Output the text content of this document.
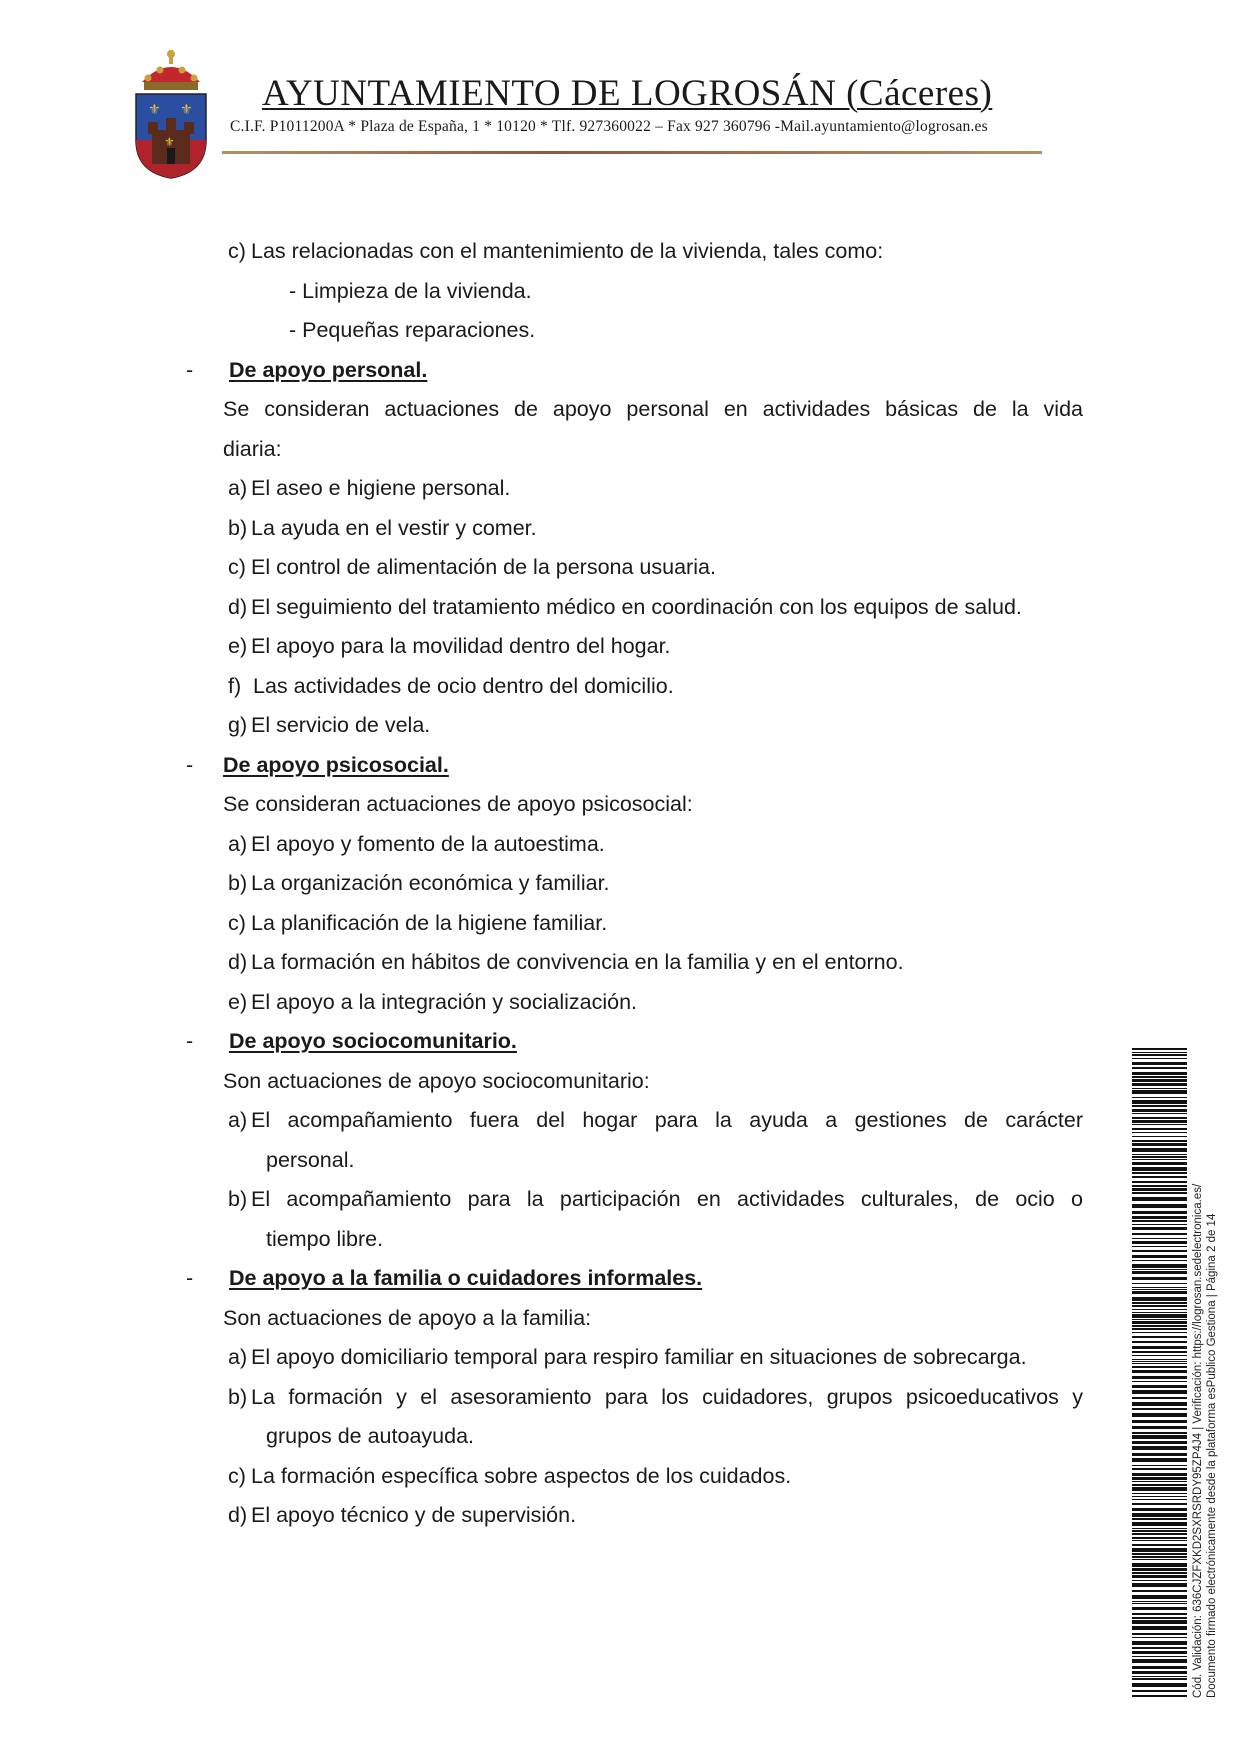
⚜ ⚜
⚜
AYUNTAMIENTO DE LOGROSÁN (Cáceres)
C.I.F. P1011200A * Plaza de España, 1 * 10120 * Tlf. 927360022 – Fax 927 360796 -Mail.ayuntamiento@logrosan.es
c) Las relacionadas con el mantenimiento de la vivienda, tales como:
- Limpieza de la vivienda.
- Pequeñas reparaciones.
- De apoyo personal.
Se consideran actuaciones de apoyo personal en actividades básicas de la vida
diaria:
a) El aseo e higiene personal.
b) La ayuda en el vestir y comer.
c) El control de alimentación de la persona usuaria.
d) El seguimiento del tratamiento médico en coordinación con los equipos de salud.
e) El apoyo para la movilidad dentro del hogar.
f) Las actividades de ocio dentro del domicilio.
g) El servicio de vela.
- De apoyo psicosocial.
Se consideran actuaciones de apoyo psicosocial:
a) El apoyo y fomento de la autoestima.
b) La organización económica y familiar.
c) La planificación de la higiene familiar.
d) La formación en hábitos de convivencia en la familia y en el entorno.
e) El apoyo a la integración y socialización.
- De apoyo sociocomunitario.
Son actuaciones de apoyo sociocomunitario:
a) El acompañamiento fuera del hogar para la ayuda a gestiones de carácter
personal.
b) El acompañamiento para la participación en actividades culturales, de ocio o
tiempo libre.
- De apoyo a la familia o cuidadores informales.
Son actuaciones de apoyo a la familia:
a) El apoyo domiciliario temporal para respiro familiar en situaciones de sobrecarga.
b) La formación y el asesoramiento para los cuidadores, grupos psicoeducativos y
grupos de autoayuda.
c) La formación específica sobre aspectos de los cuidados.
d) El apoyo técnico y de supervisión.	Cód. Validación: 636CJZFXKD2SXRSRDY95ZP4J4 | Verificación: https://logrosan.sedelectronica.es/ Documento firmado electrónicamente desde la plataforma esPublico Gestiona | Página 2 de 14
